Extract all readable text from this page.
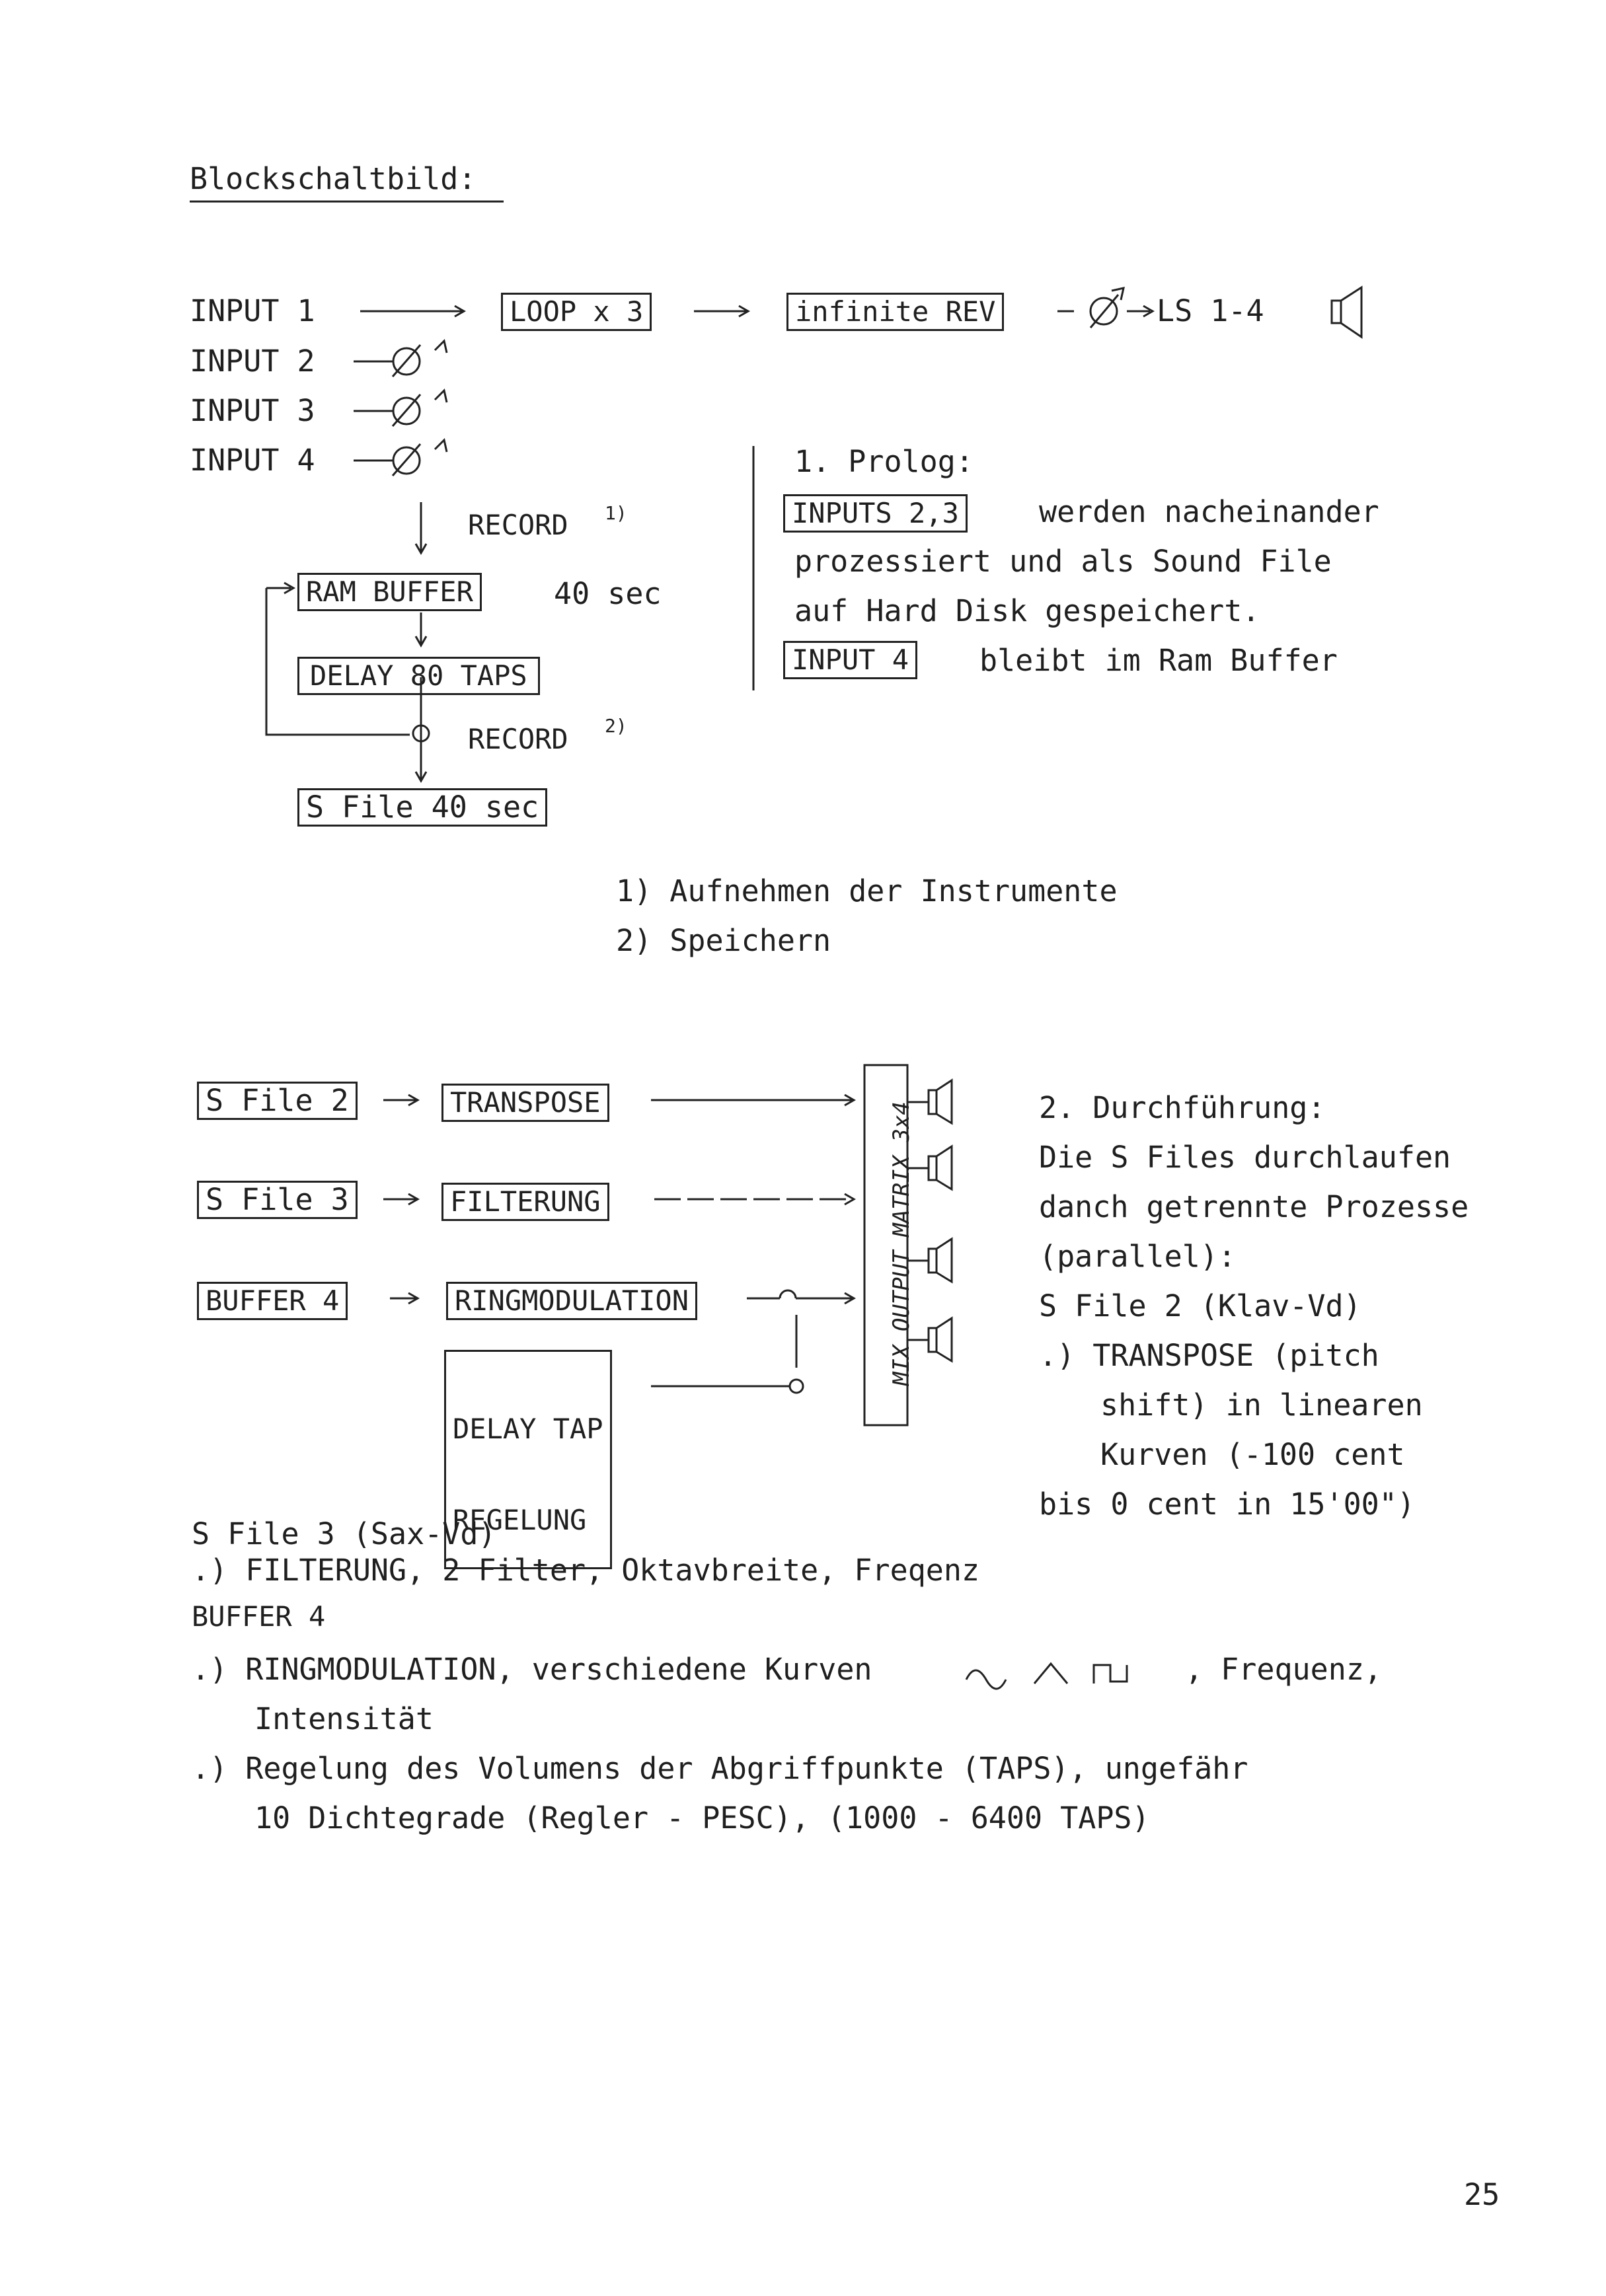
Blockschaltbild:
INPUT 1
INPUT 2
INPUT 3
INPUT 4
LOOP x 3	infinite REV	LS 1-4
RECORD 1)
RAM BUFFER	40 sec
DELAY 80 TAPS
RECORD 2)
S File 40 sec
1. Prolog:
INPUTS 2,3	werden nacheinander
prozessiert und als Sound File
auf Hard Disk gespeichert.
INPUT 4 bleibt im Ram Buffer
1) Aufnehmen der Instrumente
2) Speichern
S File 2	TRANSPOSE
S File 3	FILTERUNG
BUFFER 4	RINGMODULATION

DELAY TAP

REGELUNG

MIX OUTPUT MATRIX 3x4	2. Durchführung:
Die S Files durchlaufen
danch getrennte Prozesse
(parallel):
S File 2 (Klav-Vd)
.) TRANSPOSE (pitch
shift) in linearen
Kurven (-100 cent
bis 0 cent in 15'00")
S File 3 (Sax-Vd)
.) FILTERUNG, 2 Filter, Oktavbreite, Freqenz
BUFFER 4
.) RINGMODULATION, verschiedene Kurven	, Frequenz,
Intensität
.) Regelung des Volumens der Abgriffpunkte (TAPS), ungefähr
10 Dichtegrade (Regler - PESC), (1000 - 6400 TAPS)
25
